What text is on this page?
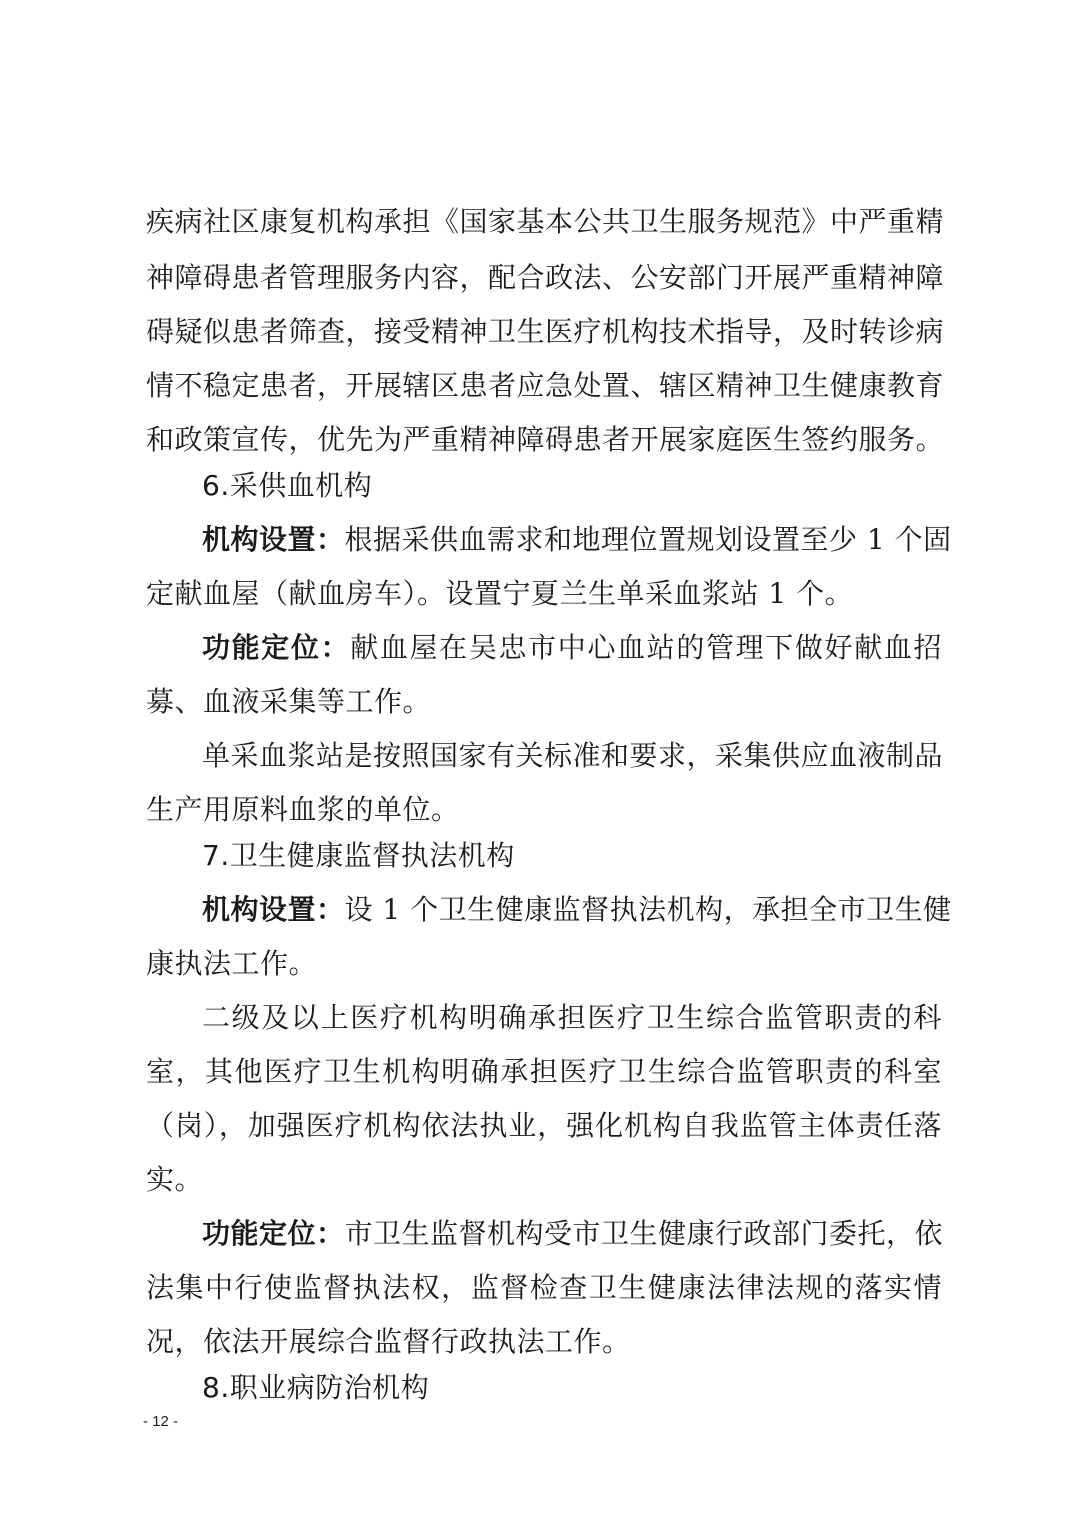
疾病社区康复机构承担《国家基本公共卫生服务规范》中严重精
神障碍患者管理服务内容，配合政法、公安部门开展严重精神障
碍疑似患者筛查，接受精神卫生医疗机构技术指导，及时转诊病
情不稳定患者，开展辖区患者应急处置、辖区精神卫生健康教育
和政策宣传，优先为严重精神障碍患者开展家庭医生签约服务。
6.采供血机构
机构设置：根据采供血需求和地理位置规划设置至少 1 个固
定献血屋（献血房车）。设置宁夏兰生单采血浆站 1 个。
功能定位：献血屋在吴忠市中心血站的管理下做好献血招
募、血液采集等工作。
单采血浆站是按照国家有关标准和要求，采集供应血液制品
生产用原料血浆的单位。
7.卫生健康监督执法机构
机构设置：设 1 个卫生健康监督执法机构，承担全市卫生健
康执法工作。
二级及以上医疗机构明确承担医疗卫生综合监管职责的科
室，其他医疗卫生机构明确承担医疗卫生综合监管职责的科室
（岗），加强医疗机构依法执业，强化机构自我监管主体责任落
实。
功能定位：市卫生监督机构受市卫生健康行政部门委托，依
法集中行使监督执法权，监督检查卫生健康法律法规的落实情
况，依法开展综合监督行政执法工作。
8.职业病防治机构
- 12 -
